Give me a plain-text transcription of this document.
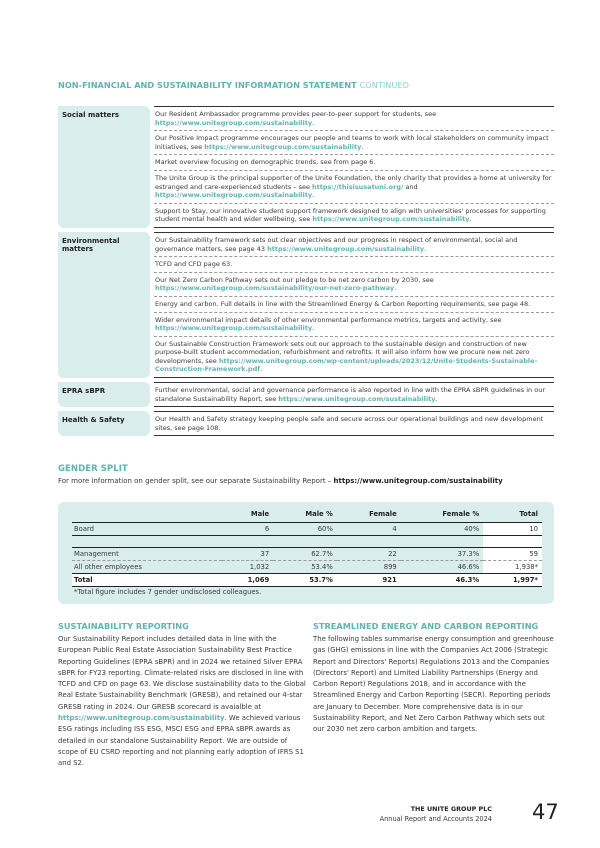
NON-FINANCIAL AND SUSTAINABILITY INFORMATION STATEMENT CONTINUED
Social matters	Our Resident Ambassador programme provides peer-to-peer support for students, see https://www.unitegroup.com/sustainability.
Our Positive Impact programme encourages our people and teams to work with local stakeholders on community impact initiatives, see https://www.unitegroup.com/sustainability.
Market overview focusing on demographic trends, see from page 6.
The Unite Group is the principal supporter of the Unite Foundation, the only charity that provides a home at university for estranged and care-experienced students – see https://thisisusatuni.org/ and https://www.unitegroup.com/sustainability.
Support to Stay, our innovative student support framework designed to align with universities' processes for supporting student mental health and wider wellbeing, see https://www.unitegroup.com/sustainability.
Environmental matters
Our Sustainability framework sets out clear objectives and our progress in respect of environmental, social and governance matters, see page 43 https://www.unitegroup.com/sustainability.
TCFD and CFD page 63.
Our Net Zero Carbon Pathway sets out our pledge to be net zero carbon by 2030, see https://www.unitegroup.com/sustainability/our-net-zero-pathway.
Energy and carbon. Full details in line with the Streamlined Energy & Carbon Reporting requirements, see page 48.
Wider environmental impact details of other environmental performance metrics, targets and activity, see https://www.unitegroup.com/sustainability.
Our Sustainable Construction Framework sets out our approach to the sustainable design and construction of new purpose-built student accommodation, refurbishment and retrofits. It will also inform how we procure new net zero developments, see https://www.unitegroup.com/wp-content/uploads/2023/12/Unite-Students-Sustainable-Construction-Framework.pdf.
EPRA sBPR	Further environmental, social and governance performance is also reported in line with the EPRA sBPR guidelines in our standalone Sustainability Report, see https://www.unitegroup.com/sustainability.
Health & Safety	Our Health and Safety strategy keeping people safe and secure across our operational buildings and new development sites, see page 108.
GENDER SPLIT
For more information on gender split, see our separate Sustainability Report – https://www.unitegroup.com/sustainability
	Male	Male %	Female	Female %	Total
Board	6	60%	4	40%	10

Management	37	62.7%	22	37.3%	59
All other employees	1,032	53.4%	899	46.6%	1,938*
Total	1,069	53.7%	921	46.3%	1,997*
*Total figure includes 7 gender undisclosed colleagues.
SUSTAINABILITY REPORTING

Our Sustainability Report includes detailed data in line with the European Public Real Estate Association Sustainability Best Practice Reporting Guidelines (EPRA sBPR) and in 2024 we retained Silver EPRA sBPR for FY23 reporting. Climate-related risks are disclosed in line with TCFD and CFD on page 63. We disclose sustainability data to the Global Real Estate Sustainability Benchmark (GRESB), and retained our 4-star GRESB rating in 2024. Our GRESB scorecard is avaialble at https://www.unitegroup.com/sustainability. We achieved various ESG ratings including ISS ESG, MSCI ESG and EPRA sBPR awards as detailed in our standalone Sustainability Report. We are outside of scope of EU CSRD reporting and not planning early adoption of IFRS S1 and S2.

STREAMLINED ENERGY AND CARBON REPORTING

The following tables summarise energy consumption and greenhouse gas (GHG) emissions in line with the Companies Act 2006 (Strategic Report and Directors' Reports) Regulations 2013 and the Companies (Directors' Report) and Limited Liability Partnerships (Energy and Carbon Report) Regulations 2018, and in accordance with the Streamlined Energy and Carbon Reporting (SECR). Reporting periods are January to December. More comprehensive data is in our Sustainability Report, and Net Zero Carbon Pathway which sets out our 2030 net zero carbon ambition and targets.

THE UNITE GROUP PLC
Annual Report and Accounts 2024 47
